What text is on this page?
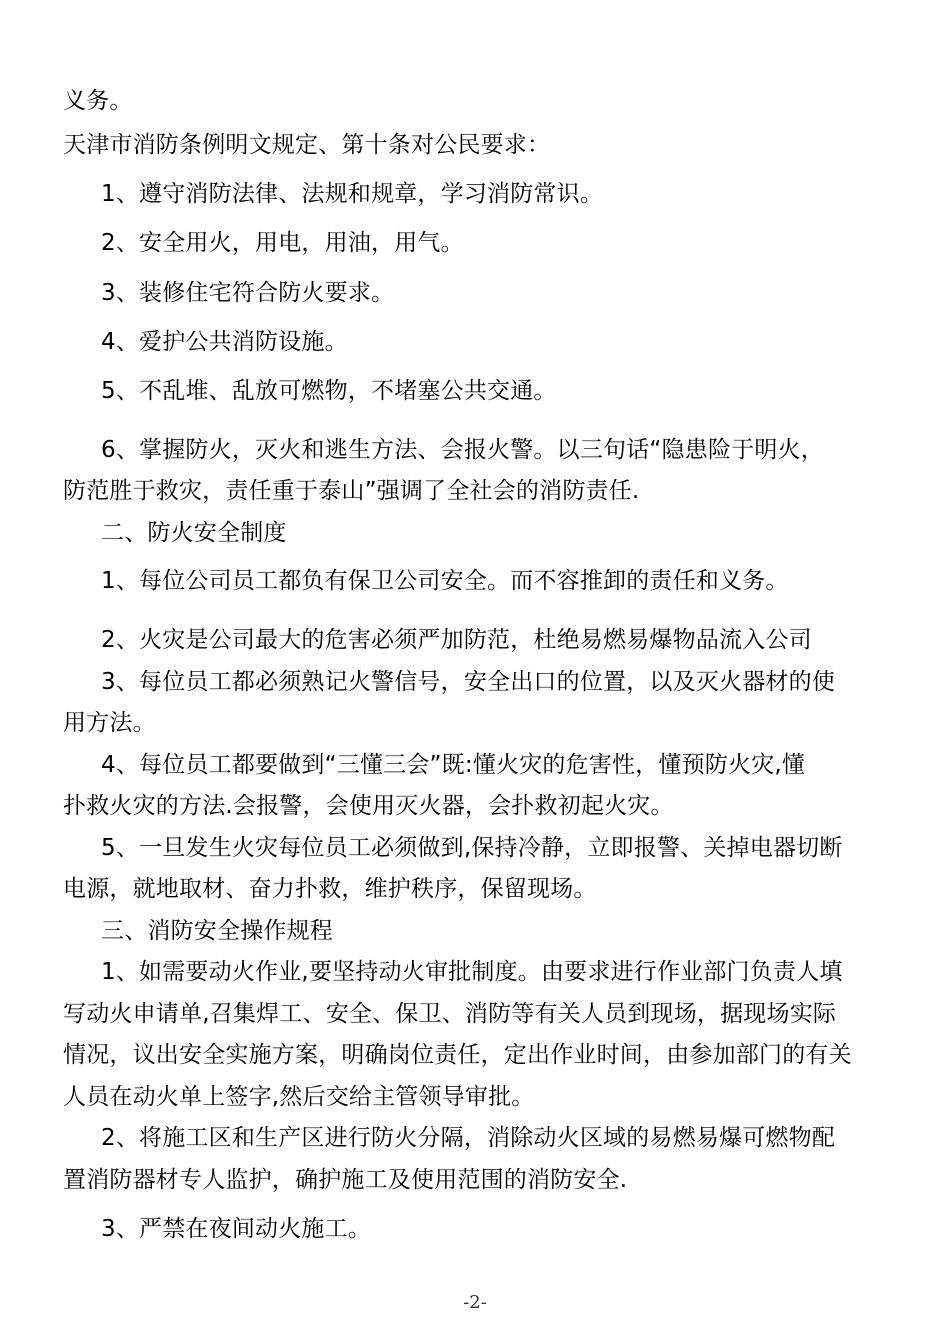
义务。
天津市消防条例明文规定、第十条对公民要求：
1、遵守消防法律、法规和规章，学习消防常识。
2、安全用火，用电，用油，用气。
3、装修住宅符合防火要求。
4、爱护公共消防设施。
5、不乱堆、乱放可燃物，不堵塞公共交通。
6、掌握防火，灭火和逃生方法、会报火警。以三句话“隐患险于明火，
防范胜于救灾，责任重于泰山”强调了全社会的消防责任.
二、防火安全制度
1、每位公司员工都负有保卫公司安全。而不容推卸的责任和义务。
2、火灾是公司最大的危害必须严加防范，杜绝易燃易爆物品流入公司
3、每位员工都必须熟记火警信号，安全出口的位置，以及灭火器材的使
用方法。
4、每位员工都要做到“三懂三会”既:懂火灾的危害性，懂预防火灾,懂
扑救火灾的方法.会报警，会使用灭火器，会扑救初起火灾。
5、一旦发生火灾每位员工必须做到,保持冷静，立即报警、关掉电器切断
电源，就地取材、奋力扑救，维护秩序，保留现场。
三、消防安全操作规程
1、如需要动火作业,要坚持动火审批制度。由要求进行作业部门负责人填
写动火申请单,召集焊工、安全、保卫、消防等有关人员到现场，据现场实际
情况，议出安全实施方案，明确岗位责任，定出作业时间，由参加部门的有关
人员在动火单上签字,然后交给主管领导审批。
2、将施工区和生产区进行防火分隔，消除动火区域的易燃易爆可燃物配
置消防器材专人监护，确护施工及使用范围的消防安全.
3、严禁在夜间动火施工。
-2-
